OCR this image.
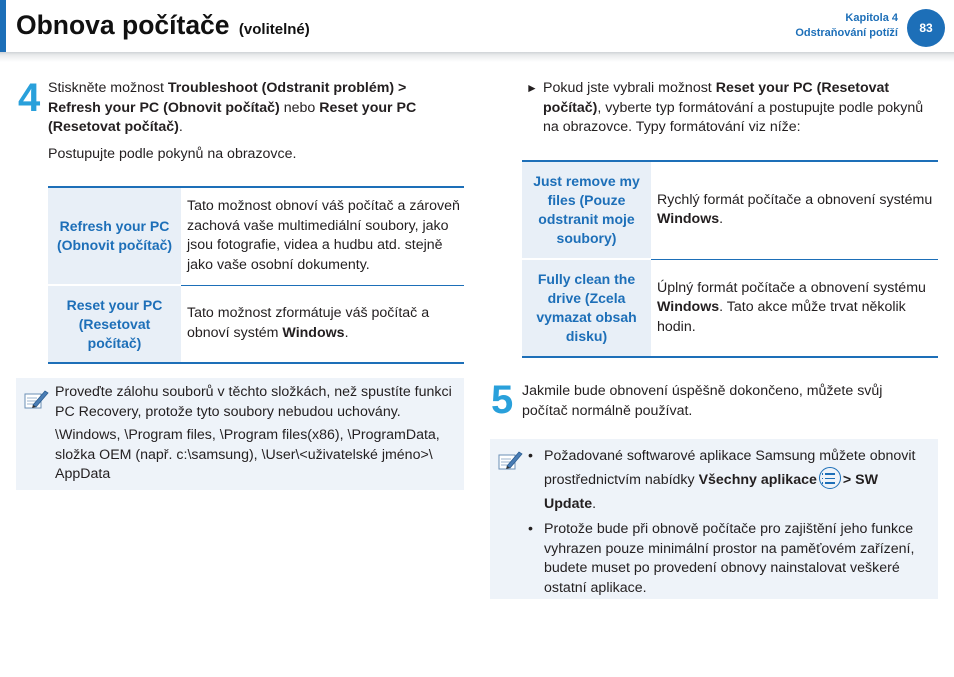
Obnova počítače (volitelné)
Kapitola 4
Odstraňování potíží	83
4 Stiskněte možnost Troubleshoot (Odstranit problém) > Refresh your PC (Obnovit počítač) nebo Reset your PC (Resetovat počítač).
Postupujte podle pokynů na obrazovce.
Refresh your PC (Obnovit počítač)	Tato možnost obnoví váš počítač a zároveň zachová vaše multimediální soubory, jako jsou fotografie, videa a hudbu atd. stejně jako vaše osobní dokumenty.
Reset your PC (Resetovat počítač)	Tato možnost zformátuje váš počítač a obnoví systém Windows.
Proveďte zálohu souborů v těchto složkách, než spustíte funkci PC Recovery, protože tyto soubory nebudou uchovány.
\Windows, \Program files, \Program files(x86), \ProgramData, složka OEM (např. c:\samsung), \User\<uživatelské jméno>\ AppData
► Pokud jste vybrali možnost Reset your PC (Resetovat počítač), vyberte typ formátování a postupujte podle pokynů na obrazovce. Typy formátování viz níže:
Just remove my files (Pouze odstranit moje soubory)	Rychlý formát počítače a obnovení systému Windows.
Fully clean the drive (Zcela vymazat obsah disku)	Úplný formát počítače a obnovení systému Windows. Tato akce může trvat několik hodin.
5 Jakmile bude obnovení úspěšně dokončeno, můžete svůj počítač normálně používat.
• Požadované softwarové aplikace Samsung můžete obnovit prostřednictvím nabídky Všechny aplikace > SW Update.
• Protože bude při obnově počítače pro zajištění jeho funkce vyhrazen pouze minimální prostor na paměťovém zařízení, budete muset po provedení obnovy nainstalovat veškeré ostatní aplikace.
